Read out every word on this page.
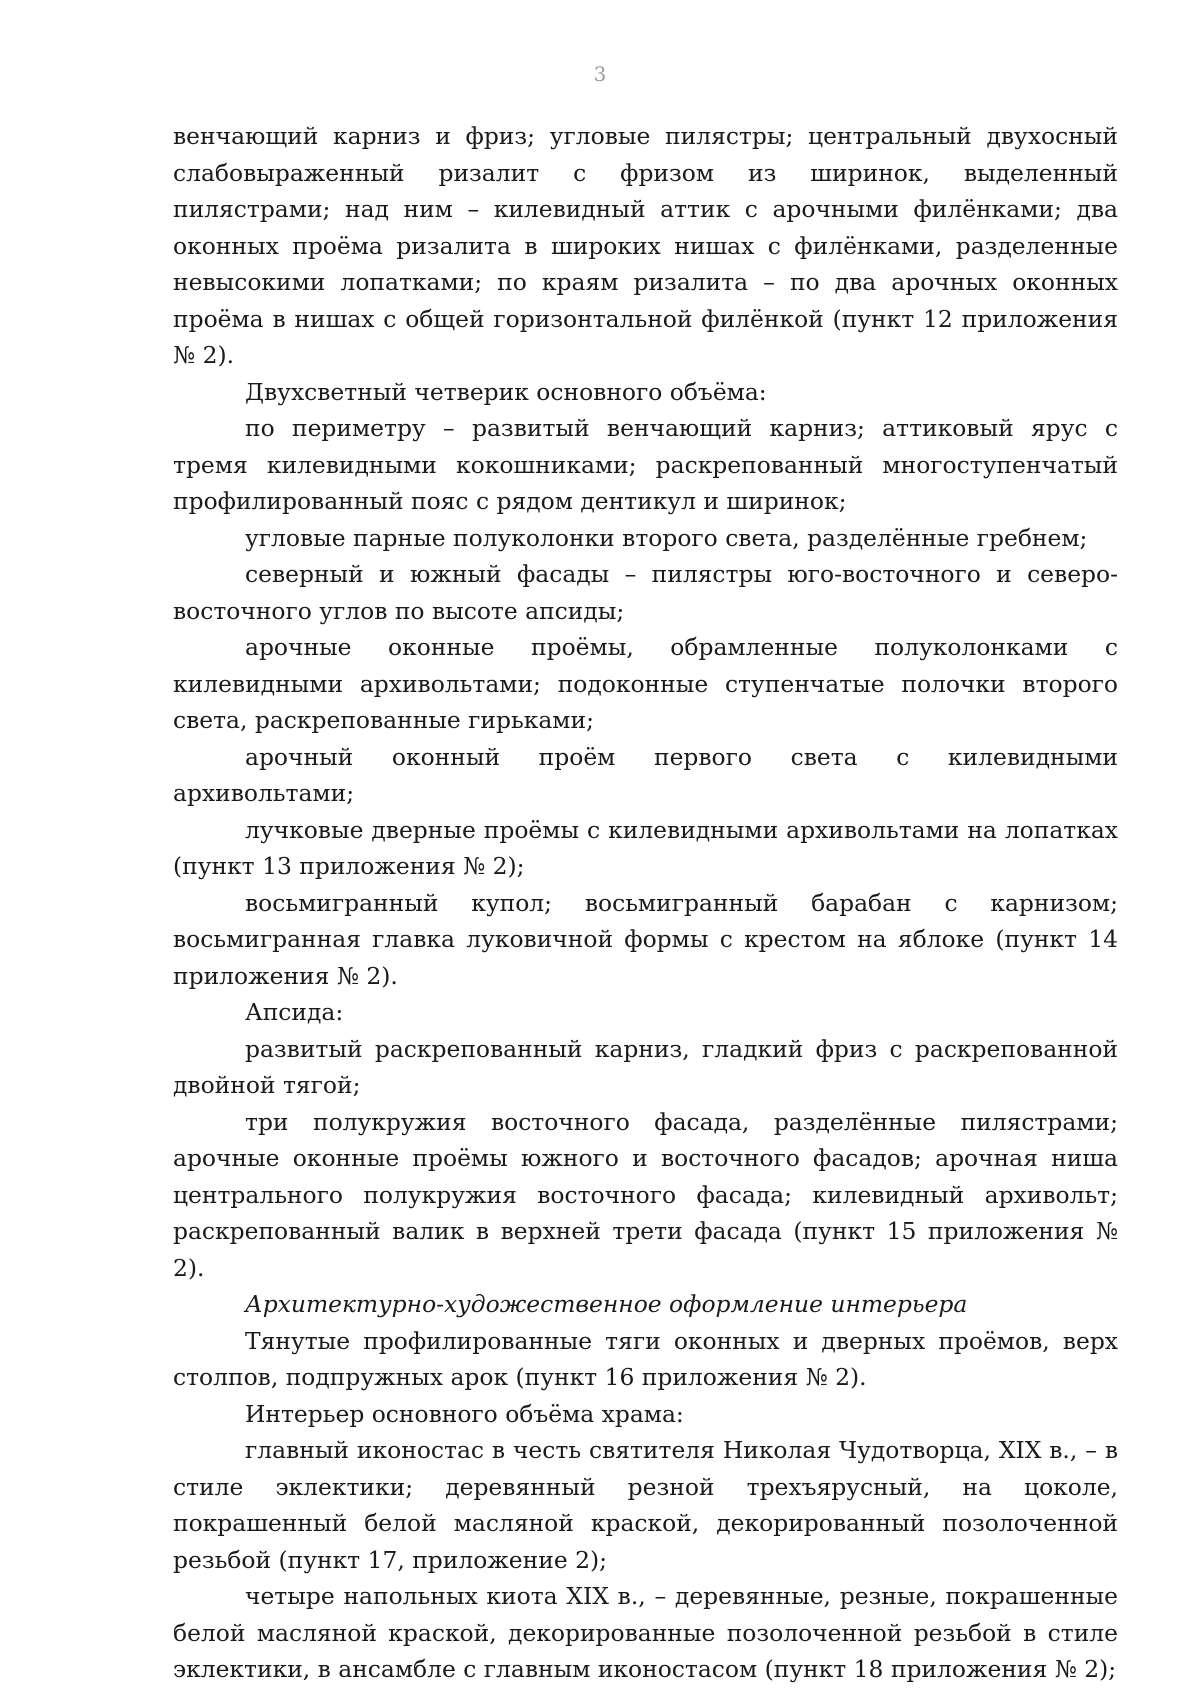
3

венчающий карниз и фриз; угловые пилястры; центральный двухосный слабовыраженный ризалит с фризом из ширинок, выделенный пилястрами; над ним – килевидный аттик с арочными филёнками; два оконных проёма ризалита в широких нишах с филёнками, разделенные невысокими лопатками; по краям ризалита – по два арочных оконных проёма в нишах с общей горизонтальной филёнкой (пункт 12 приложения № 2).

Двухсветный четверик основного объёма:

по периметру – развитый венчающий карниз; аттиковый ярус с тремя килевидными кокошниками; раскрепованный многоступенчатый профилированный пояс с рядом дентикул и ширинок;

угловые парные полуколонки второго света, разделённые гребнем;

северный и южный фасады – пилястры юго-восточного и северо-восточного углов по высоте апсиды;

арочные оконные проёмы, обрамленные полуколонками с килевидными архивольтами; подоконные ступенчатые полочки второго света, раскрепованные гирьками;

арочный оконный проём первого света с килевидными архивольтами;

лучковые дверные проёмы с килевидными архивольтами на лопатках (пункт 13 приложения № 2);

восьмигранный купол; восьмигранный барабан с карнизом; восьмигранная главка луковичной формы с крестом на яблоке (пункт 14 приложения № 2).

Апсида:

развитый раскрепованный карниз, гладкий фриз с раскрепованной двойной тягой;

три полукружия восточного фасада, разделённые пилястрами; арочные оконные проёмы южного и восточного фасадов; арочная ниша центрального полукружия восточного фасада; килевидный архивольт; раскрепованный валик в верхней трети фасада (пункт 15 приложения № 2).

Архитектурно-художественное оформление интерьера

Тянутые профилированные тяги оконных и дверных проёмов, верх столпов, подпружных арок (пункт 16 приложения № 2).

Интерьер основного объёма храма:

главный иконостас в честь святителя Николая Чудотворца, XIX в., – в стиле эклектики; деревянный резной трехъярусный, на цоколе, покрашенный белой масляной краской, декорированный позолоченной резьбой (пункт 17, приложение 2);

четыре напольных киота XIX в., – деревянные, резные, покрашенные белой масляной краской, декорированные позолоченной резьбой в стиле эклектики, в ансамбле с главным иконостасом (пункт 18 приложения № 2);
